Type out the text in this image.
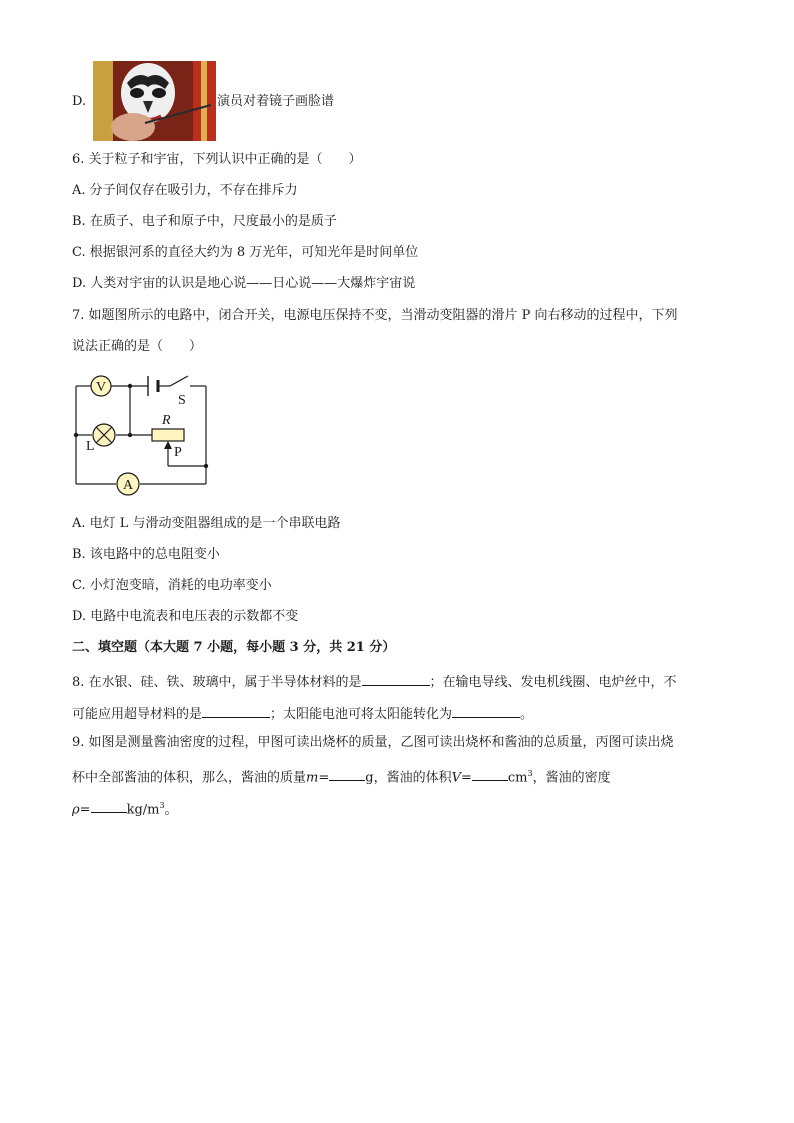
D.	演员对着镜子画脸谱
6. 关于粒子和宇宙，下列认识中正确的是（　　）
A. 分子间仅存在吸引力，不存在排斥力
B. 在质子、电子和原子中，尺度最小的是质子
C. 根据银河系的直径大约为 8 万光年，可知光年是时间单位
D. 人类对宇宙的认识是地心说——日心说——大爆炸宇宙说
7. 如题图所示的电路中，闭合开关，电源电压保持不变，当滑动变阻器的滑片 P 向右移动的过程中，下列
说法正确的是（　　）
V
S
R
L	P
A
A. 电灯 L 与滑动变阻器组成的是一个串联电路
B. 该电路中的总电阻变小
C. 小灯泡变暗，消耗的电功率变小
D. 电路中电流表和电压表的示数都不变
二、填空题（本大题 7 小题，每小题 3 分，共 21 分）
8. 在水银、硅、铁、玻璃中，属于半导体材料的是	；在输电导线、发电机线圈、电炉丝中，不
可能应用超导材料的是	；太阳能电池可将太阳能转化为	。
9. 如图是测量酱油密度的过程，甲图可读出烧杯的质量，乙图可读出烧杯和酱油的总质量，丙图可读出烧
杯中全部酱油的体积，那么，酱油的质量m=	g，酱油的体积V=	$cm^3$，酱油的密度
ρ=	$kg/m^3$。
